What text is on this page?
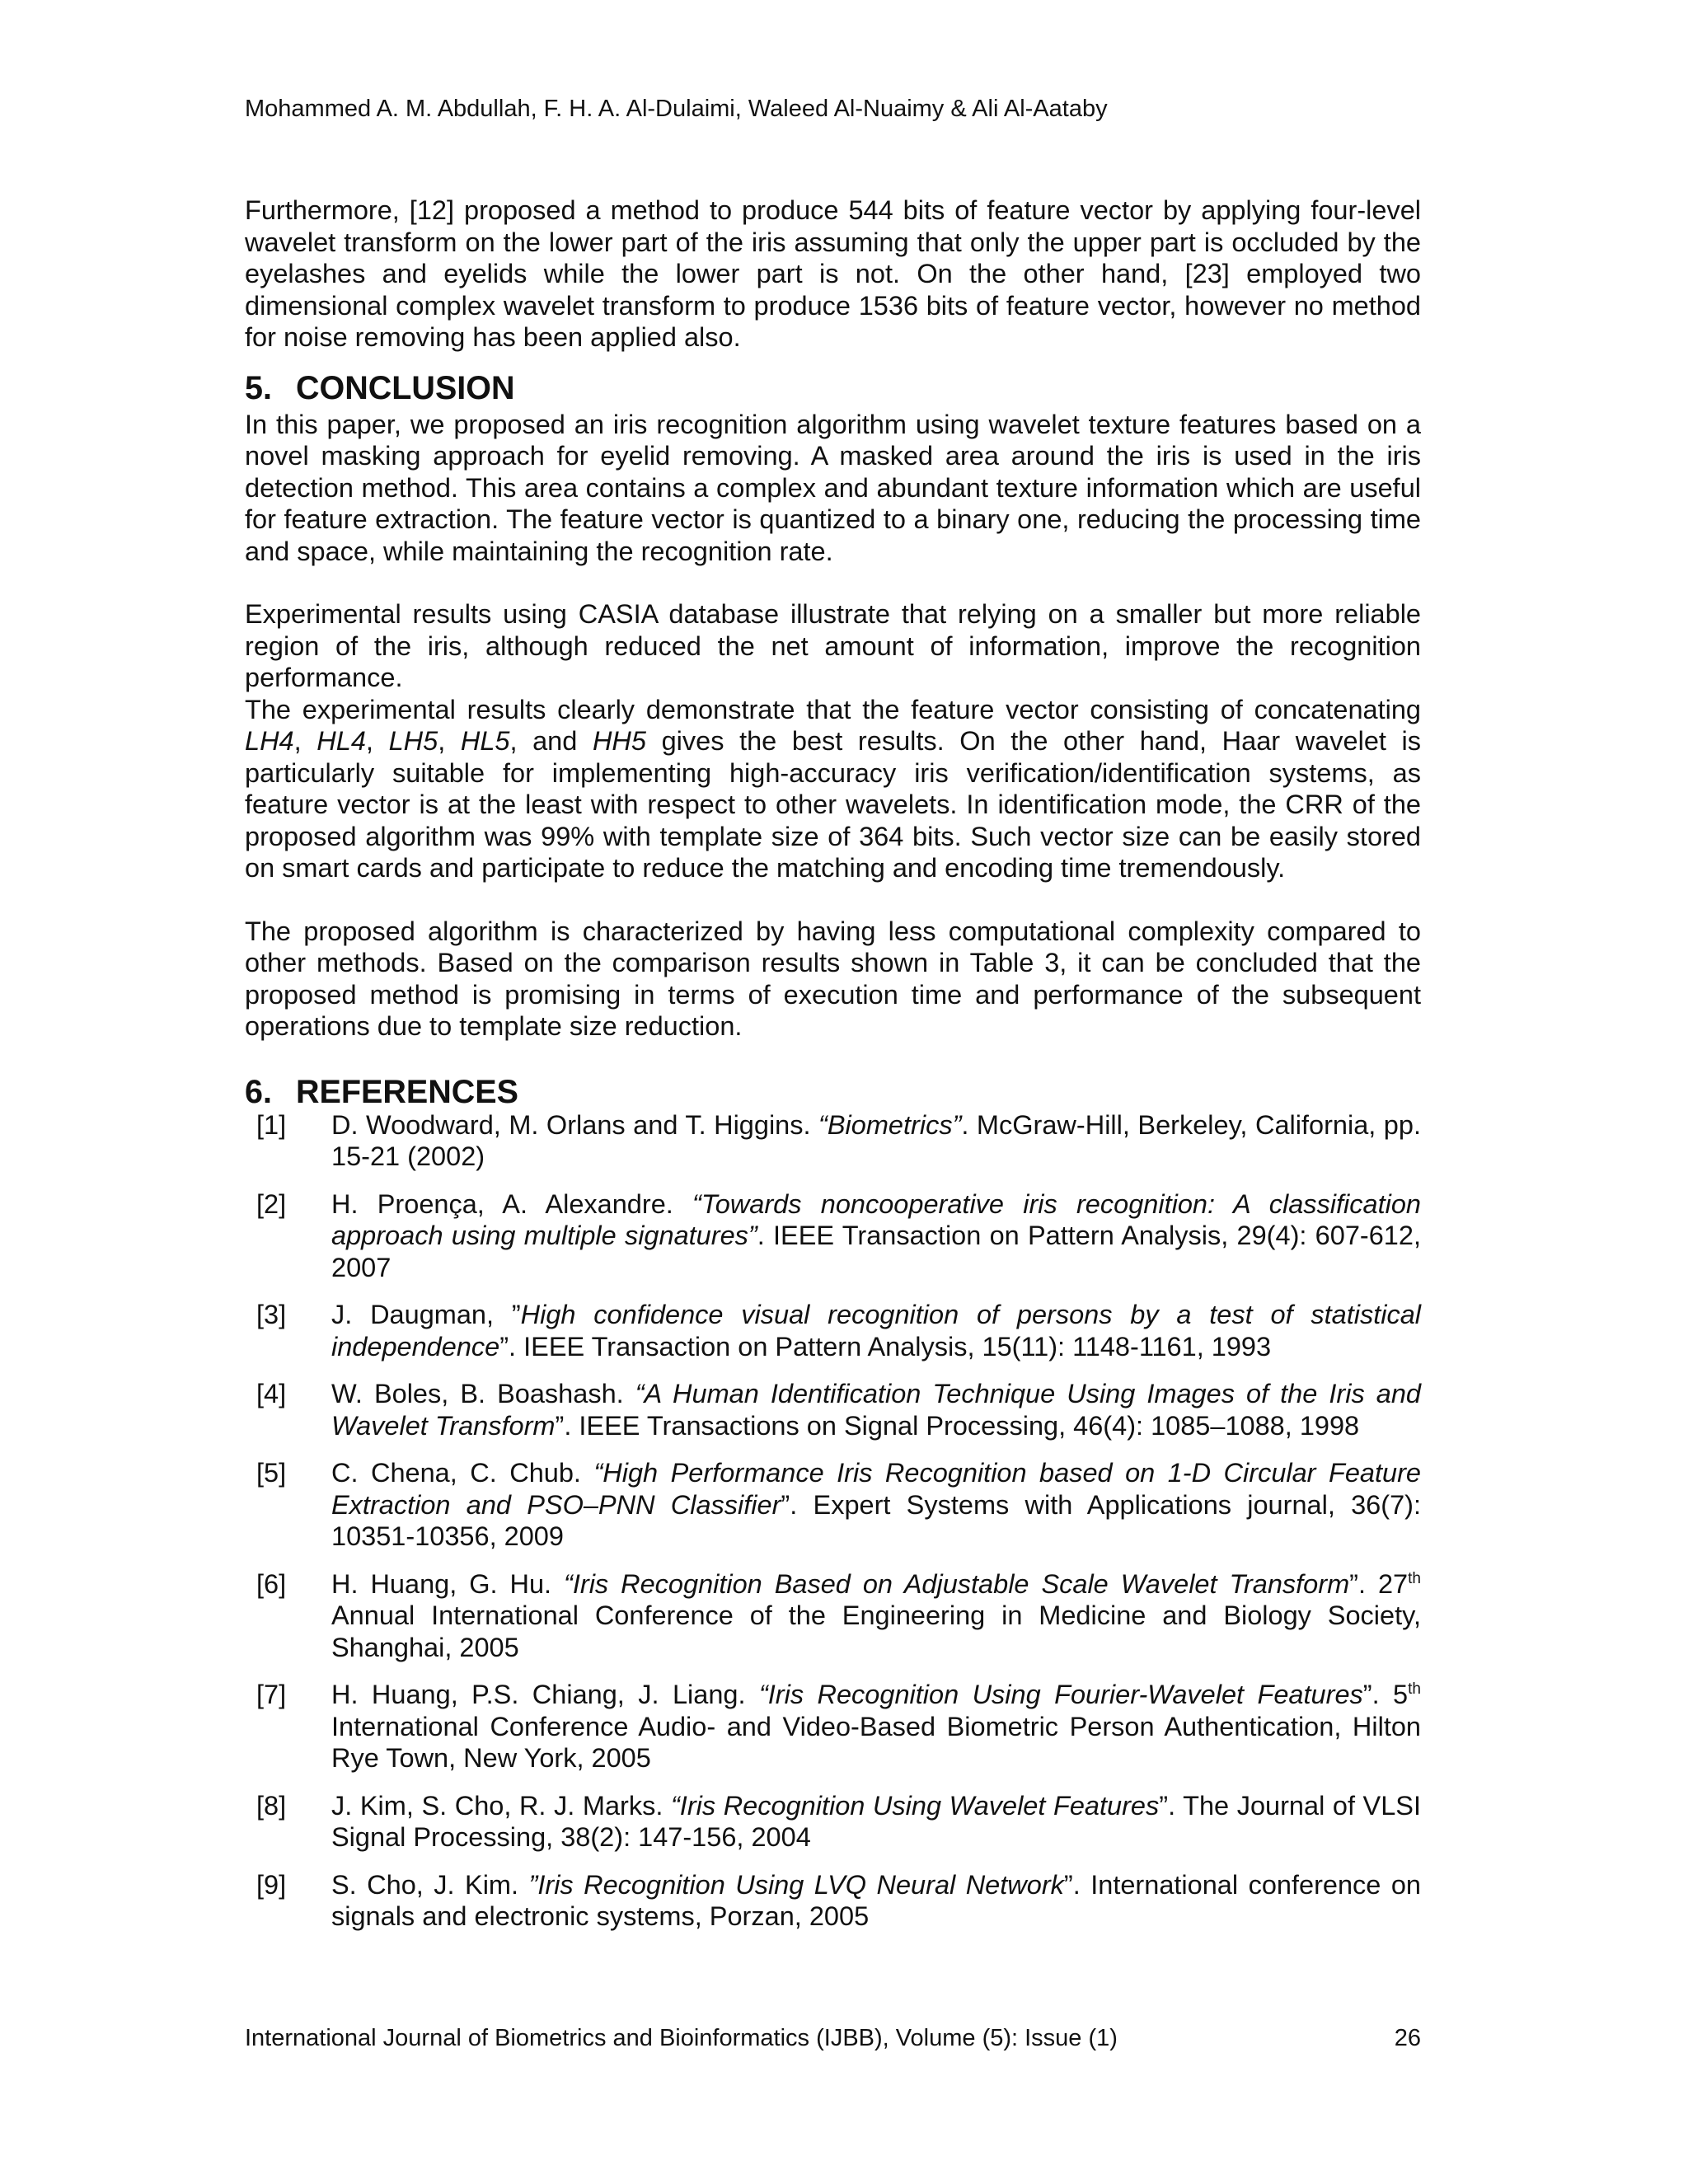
Mohammed A. M. Abdullah, F. H. A. Al-Dulaimi, Waleed Al-Nuaimy & Ali Al-Aataby

Furthermore, [12] proposed a method to produce 544 bits of feature vector by applying four-level wavelet transform on the lower part of the iris assuming that only the upper part is occluded by the eyelashes and eyelids while the lower part is not. On the other hand, [23] employed two dimensional complex wavelet transform to produce 1536 bits of feature vector, however no method for noise removing has been applied also.

5. CONCLUSION

In this paper, we proposed an iris recognition algorithm using wavelet texture features based on a novel masking approach for eyelid removing. A masked area around the iris is used in the iris detection method. This area contains a complex and abundant texture information which are useful for feature extraction. The feature vector is quantized to a binary one, reducing the processing time and space, while maintaining the recognition rate.

Experimental results using CASIA database illustrate that relying on a smaller but more reliable region of the iris, although reduced the net amount of information, improve the recognition performance.

The experimental results clearly demonstrate that the feature vector consisting of concatenating LH4, HL4, LH5, HL5, and HH5 gives the best results. On the other hand, Haar wavelet is particularly suitable for implementing high-accuracy iris verification/identification systems, as feature vector is at the least with respect to other wavelets. In identification mode, the CRR of the proposed algorithm was 99% with template size of 364 bits. Such vector size can be easily stored on smart cards and participate to reduce the matching and encoding time tremendously.

The proposed algorithm is characterized by having less computational complexity compared to other methods. Based on the comparison results shown in Table 3, it can be concluded that the proposed method is promising in terms of execution time and performance of the subsequent operations due to template size reduction.

6. REFERENCES
[1]	D. Woodward, M. Orlans and T. Higgins. “Biometrics”. McGraw-Hill, Berkeley, California, pp. 15-21 (2002)
[2]	H. Proença, A. Alexandre. “Towards noncooperative iris recognition: A classification approach using multiple signatures”. IEEE Transaction on Pattern Analysis, 29(4): 607-612, 2007
[3]	J. Daugman, ”High confidence visual recognition of persons by a test of statistical independence”. IEEE Transaction on Pattern Analysis, 15(11): 1148-1161, 1993
[4]	W. Boles, B. Boashash. “A Human Identification Technique Using Images of the Iris and Wavelet Transform”. IEEE Transactions on Signal Processing, 46(4): 1085–1088, 1998
[5]	C. Chena, C. Chub. “High Performance Iris Recognition based on 1-D Circular Feature Extraction and PSO–PNN Classifier”. Expert Systems with Applications journal, 36(7): 10351-10356, 2009
[6]	H. Huang, G. Hu. “Iris Recognition Based on Adjustable Scale Wavelet Transform”. 27th Annual International Conference of the Engineering in Medicine and Biology Society, Shanghai, 2005
[7]	H. Huang, P.S. Chiang, J. Liang. “Iris Recognition Using Fourier-Wavelet Features”. 5th International Conference Audio- and Video-Based Biometric Person Authentication, Hilton Rye Town, New York, 2005
[8]	J. Kim, S. Cho, R. J. Marks. “Iris Recognition Using Wavelet Features”. The Journal of VLSI Signal Processing, 38(2): 147-156, 2004
[9]	S. Cho, J. Kim. ”Iris Recognition Using LVQ Neural Network”. International conference on signals and electronic systems, Porzan, 2005
International Journal of Biometrics and Bioinformatics (IJBB), Volume (5): Issue (1)	26
